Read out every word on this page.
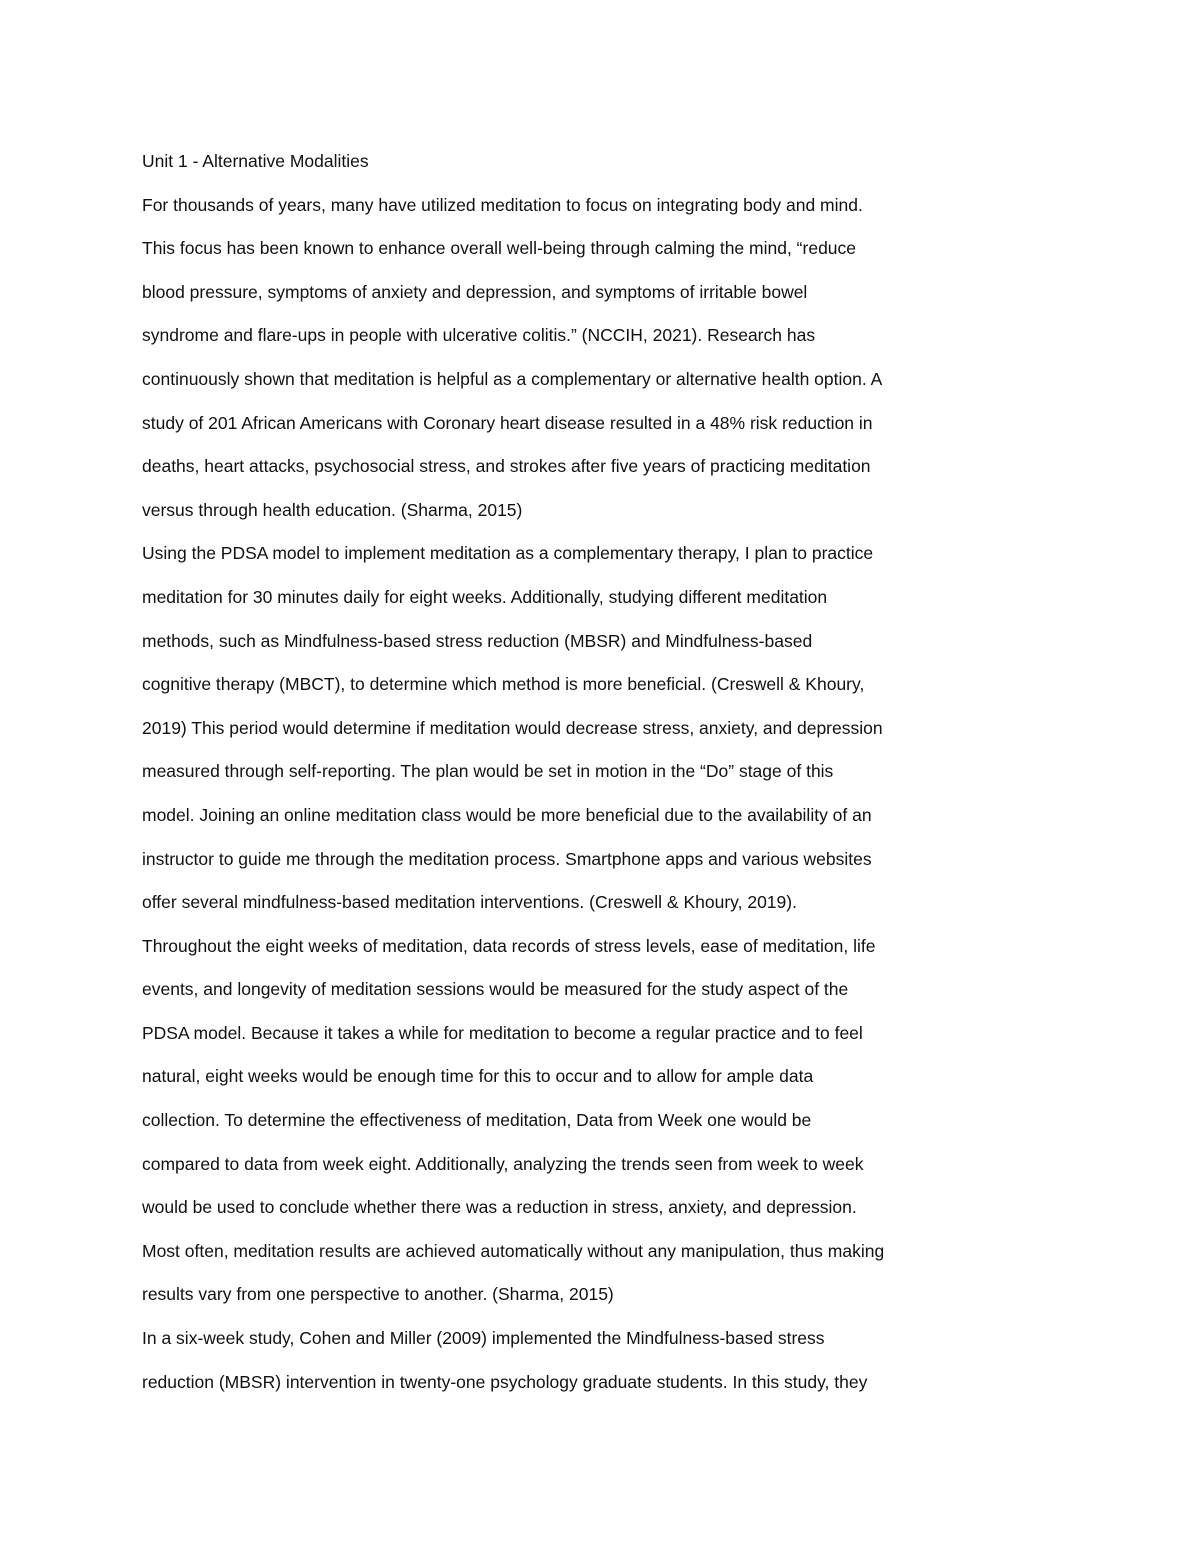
Unit 1 - Alternative Modalities
For thousands of years, many have utilized meditation to focus on integrating body and mind.
This focus has been known to enhance overall well-being through calming the mind, “reduce
blood pressure, symptoms of anxiety and depression, and symptoms of irritable bowel
syndrome and flare-ups in people with ulcerative colitis.” (NCCIH, 2021). Research has
continuously shown that meditation is helpful as a complementary or alternative health option. A
study of 201 African Americans with Coronary heart disease resulted in a 48% risk reduction in
deaths, heart attacks, psychosocial stress, and strokes after five years of practicing meditation
versus through health education. (Sharma, 2015)
Using the PDSA model to implement meditation as a complementary therapy, I plan to practice
meditation for 30 minutes daily for eight weeks. Additionally, studying different meditation
methods, such as Mindfulness-based stress reduction (MBSR) and Mindfulness-based
cognitive therapy (MBCT), to determine which method is more beneficial. (Creswell & Khoury,
2019) This period would determine if meditation would decrease stress, anxiety, and depression
measured through self-reporting. The plan would be set in motion in the “Do” stage of this
model. Joining an online meditation class would be more beneficial due to the availability of an
instructor to guide me through the meditation process. Smartphone apps and various websites
offer several mindfulness-based meditation interventions. (Creswell & Khoury, 2019).
Throughout the eight weeks of meditation, data records of stress levels, ease of meditation, life
events, and longevity of meditation sessions would be measured for the study aspect of the
PDSA model. Because it takes a while for meditation to become a regular practice and to feel
natural, eight weeks would be enough time for this to occur and to allow for ample data
collection. To determine the effectiveness of meditation, Data from Week one would be
compared to data from week eight. Additionally, analyzing the trends seen from week to week
would be used to conclude whether there was a reduction in stress, anxiety, and depression.
Most often, meditation results are achieved automatically without any manipulation, thus making
results vary from one perspective to another. (Sharma, 2015)
In a six-week study, Cohen and Miller (2009) implemented the Mindfulness-based stress
reduction (MBSR) intervention in twenty-one psychology graduate students. In this study, they
